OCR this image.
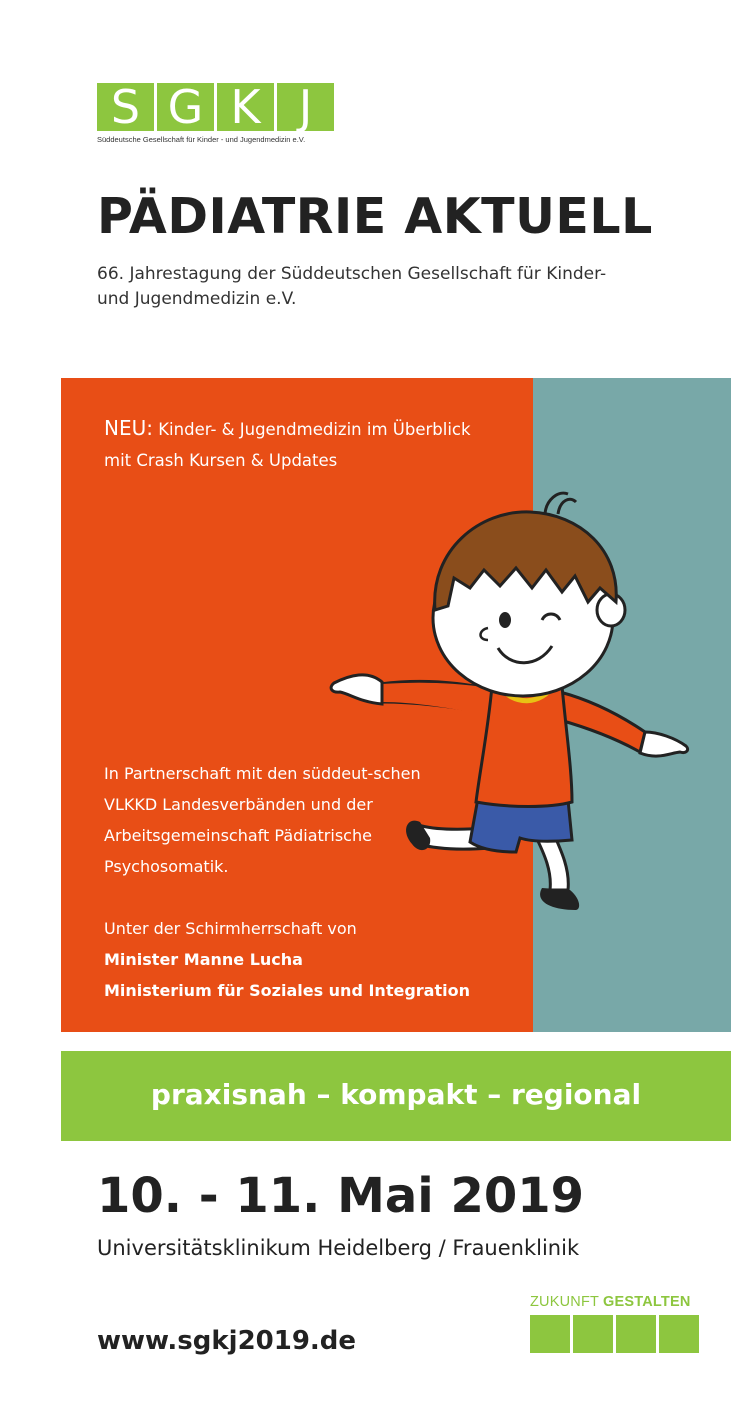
S G K J
Süddeutsche Gesellschaft für Kinder - und Jugendmedizin e.V.
PÄDIATRIE AKTUELL
66. Jahrestagung der Süddeutschen Gesellschaft für Kinder- und Jugendmedizin e.V.
NEU: Kinder- & Jugendmedizin im Überblick mit Crash Kursen & Updates
In Partnerschaft mit den süddeut-schen VLKKD Landesverbänden und der Arbeitsgemeinschaft Pädiatrische Psychosomatik.
Unter der Schirmherrschaft von
Minister Manne Lucha
Ministerium für Soziales und Integration
praxisnah – kompakt – regional
10. - 11. Mai 2019
Universitätsklinikum Heidelberg / Frauenklinik
www.sgkj2019.de
ZUKUNFT GESTALTEN
